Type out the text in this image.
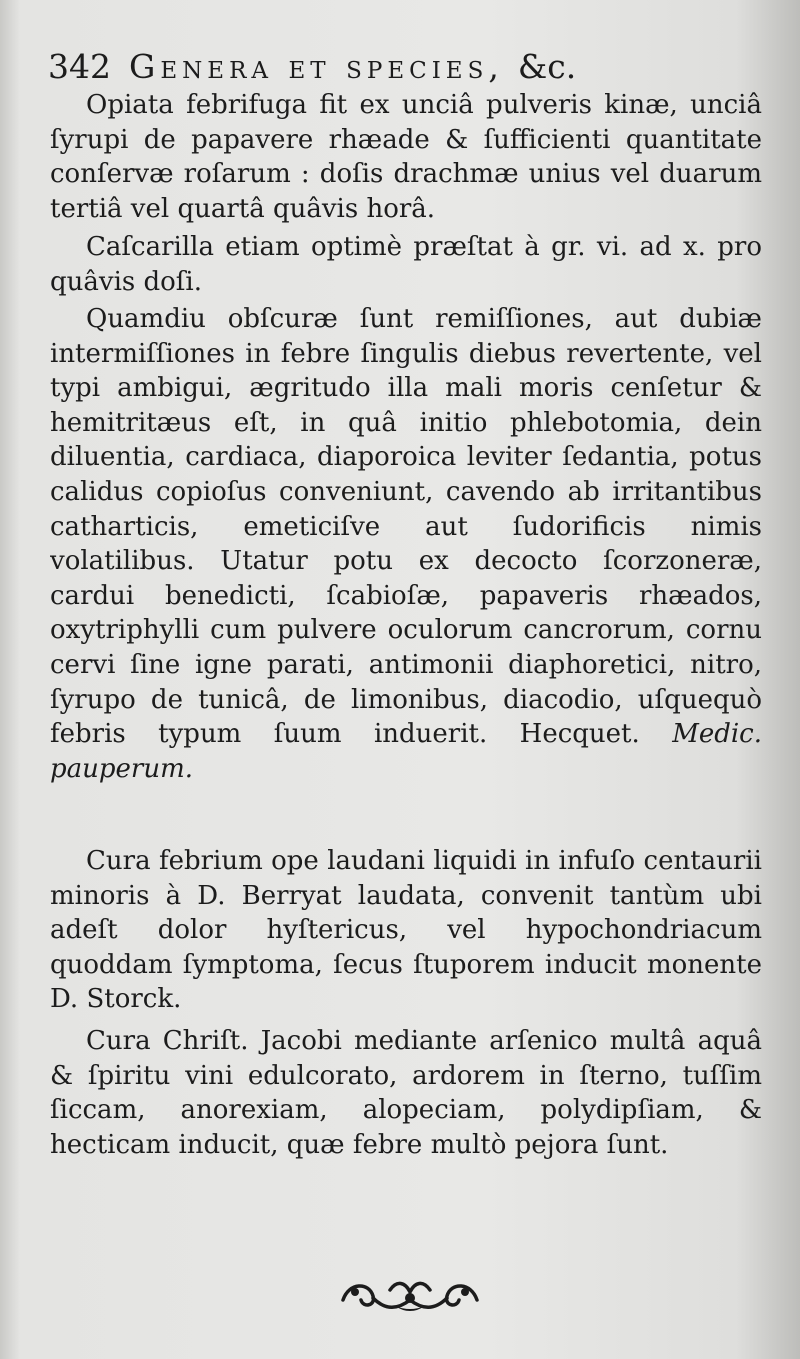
342 Genera et species, &c.

Opiata febrifuga fit ex unciâ pulveris kinæ, unciâ ſyrupi de papavere rhæade & ſufficienti quantitate conſervæ roſarum : doſis drachmæ unius vel duarum tertiâ vel quartâ quâvis horâ.

Caſcarilla etiam optimè præſtat à gr. vi. ad x. pro quâvis doſi.

Quamdiu obſcuræ ſunt remiſſiones, aut dubiæ intermiſſiones in febre ſingulis diebus revertente, vel typi ambigui, ægritudo illa mali moris cenſetur & hemitritæus eſt, in quâ initio phlebotomia, dein diluentia, cardiaca, diaporoica leviter ſedantia, potus calidus copioſus conveniunt, cavendo ab irritantibus catharticis, emeticiſve aut ſudorificis nimis volatilibus. Utatur potu ex decocto ſcorzoneræ, cardui benedicti, ſcabioſæ, papaveris rhæados, oxytriphylli cum pulvere oculorum cancrorum, cornu cervi ſine igne parati, antimonii diaphoretici, nitro, ſyrupo de tunicâ, de limonibus, diacodio, uſquequò febris typum ſuum induerit. Hecquet. Medic. pauperum.

Cura febrium ope laudani liquidi in infuſo centaurii minoris à D. Berryat laudata, convenit tantùm ubi adeſt dolor hyſtericus, vel hypochondriacum quoddam ſymptoma, ſecus ſtuporem inducit monente D. Storck.

Cura Chriſt. Jacobi mediante arſenico multâ aquâ & ſpiritu vini edulcorato, ardorem in ſterno, tuſſim ſiccam, anorexiam, alopeciam, polydipſiam, & hecticam inducit, quæ febre multò pejora ſunt.
